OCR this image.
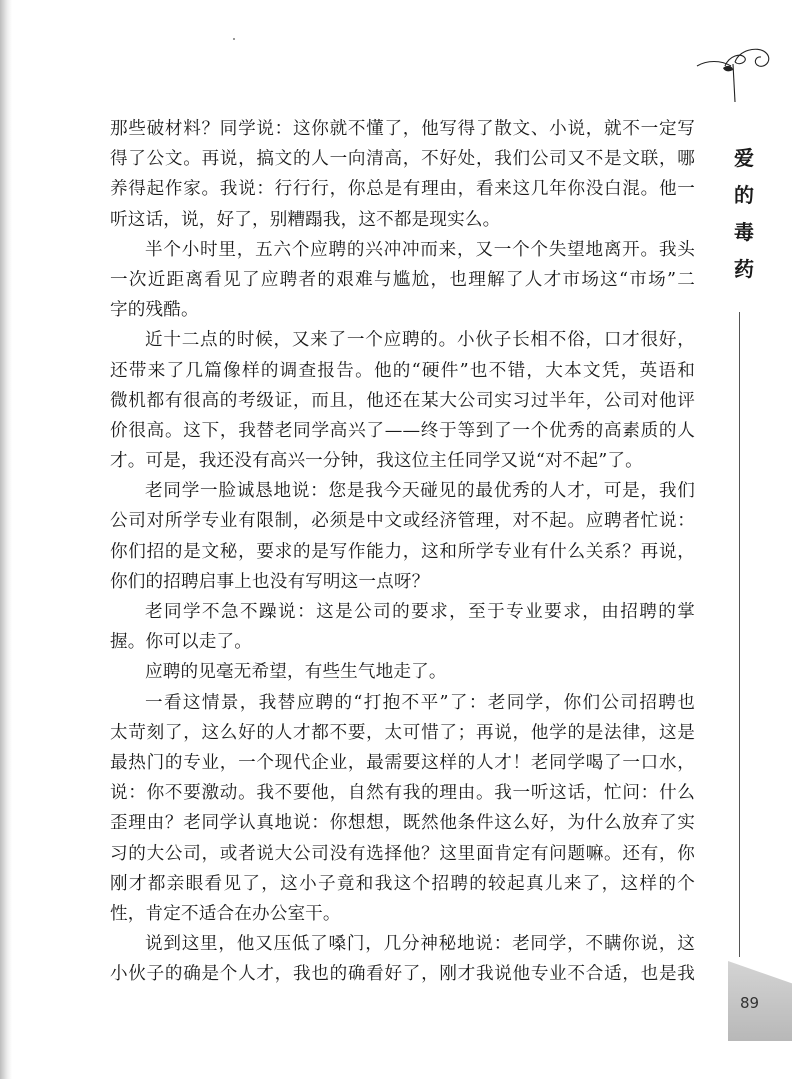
爱
的
毒
药
那些破材料？同学说：这你就不懂了，他写得了散文、小说，就不一定写
得了公文。再说，搞文的人一向清高，不好处，我们公司又不是文联，哪
养得起作家。我说：行行行，你总是有理由，看来这几年你没白混。他一
听这话，说，好了，别糟蹋我，这不都是现实么。
半个小时里，五六个应聘的兴冲冲而来，又一个个失望地离开。我头
一次近距离看见了应聘者的艰难与尴尬，也理解了人才市场这“市场”二
字的残酷。
近十二点的时候，又来了一个应聘的。小伙子长相不俗，口才很好，
还带来了几篇像样的调查报告。他的“硬件”也不错，大本文凭，英语和
微机都有很高的考级证，而且，他还在某大公司实习过半年，公司对他评
价很高。这下，我替老同学高兴了——终于等到了一个优秀的高素质的人
才。可是，我还没有高兴一分钟，我这位主任同学又说“对不起”了。
老同学一脸诚恳地说：您是我今天碰见的最优秀的人才，可是，我们
公司对所学专业有限制，必须是中文或经济管理，对不起。应聘者忙说：
你们招的是文秘，要求的是写作能力，这和所学专业有什么关系？再说，
你们的招聘启事上也没有写明这一点呀？
老同学不急不躁说：这是公司的要求，至于专业要求，由招聘的掌
握。你可以走了。
应聘的见毫无希望，有些生气地走了。
一看这情景，我替应聘的“打抱不平”了：老同学，你们公司招聘也
太苛刻了，这么好的人才都不要，太可惜了；再说，他学的是法律，这是
最热门的专业，一个现代企业，最需要这样的人才！老同学喝了一口水，
说：你不要激动。我不要他，自然有我的理由。我一听这话，忙问：什么
歪理由？老同学认真地说：你想想，既然他条件这么好，为什么放弃了实
习的大公司，或者说大公司没有选择他？这里面肯定有问题嘛。还有，你
刚才都亲眼看见了，这小子竟和我这个招聘的较起真儿来了，这样的个
性，肯定不适合在办公室干。
说到这里，他又压低了嗓门，几分神秘地说：老同学，不瞒你说，这
小伙子的确是个人才，我也的确看好了，刚才我说他专业不合适，也是我
89
